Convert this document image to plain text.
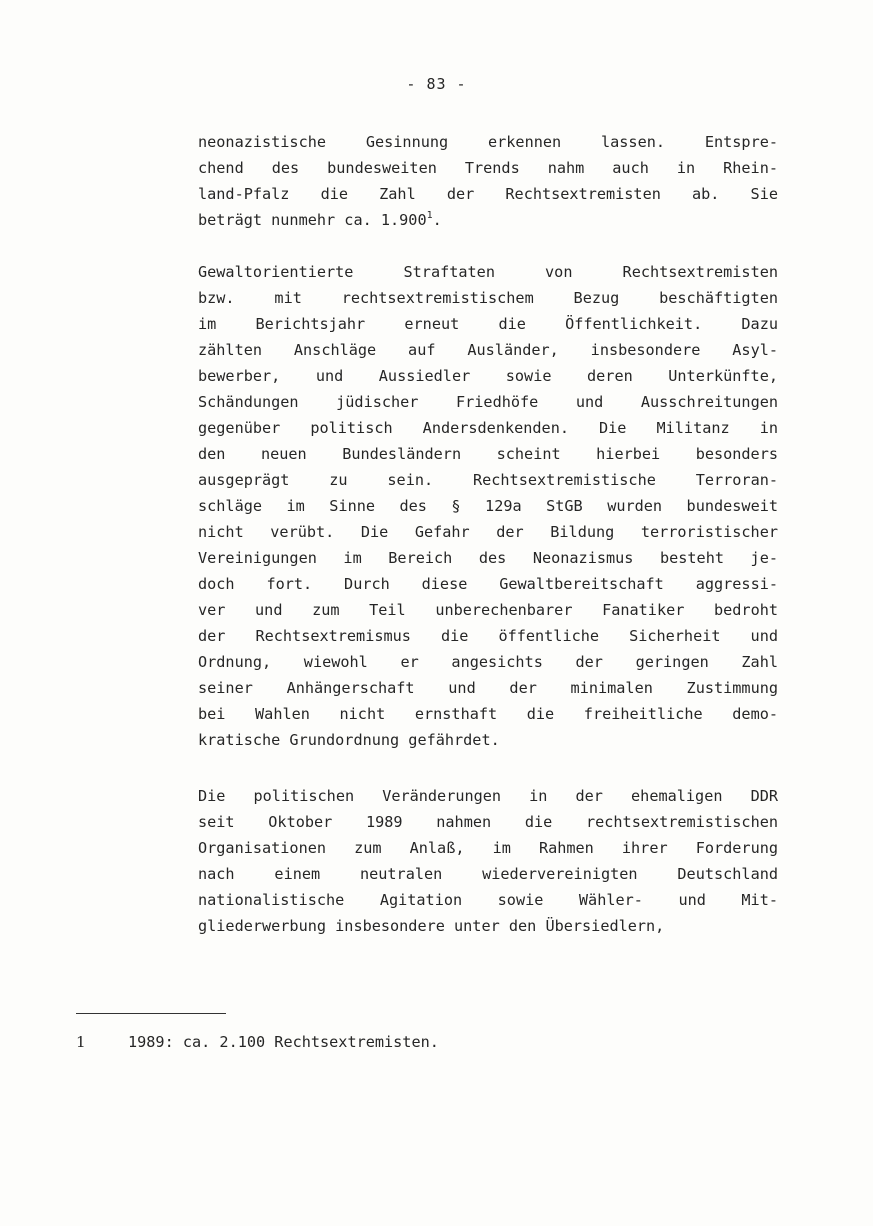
- 83 -

neonazistische Gesinnung erkennen lassen. Entspre-
chend des bundesweiten Trends nahm auch in Rhein-
land-Pfalz die Zahl der Rechtsextremisten ab. Sie
beträgt nunmehr ca. 1.900$^1$.

Gewaltorientierte Straftaten von Rechtsextremisten
bzw. mit rechtsextremistischem Bezug beschäftigten
im Berichtsjahr erneut die Öffentlichkeit. Dazu
zählten Anschläge auf Ausländer, insbesondere Asyl-
bewerber, und Aussiedler sowie deren Unterkünfte,
Schändungen jüdischer Friedhöfe und Ausschreitungen
gegenüber politisch Andersdenkenden. Die Militanz in
den neuen Bundesländern scheint hierbei besonders
ausgeprägt zu sein. Rechtsextremistische Terroran-
schläge im Sinne des § 129a StGB wurden bundesweit
nicht verübt. Die Gefahr der Bildung terroristischer
Vereinigungen im Bereich des Neonazismus besteht je-
doch fort. Durch diese Gewaltbereitschaft aggressi-
ver und zum Teil unberechenbarer Fanatiker bedroht
der Rechtsextremismus die öffentliche Sicherheit und
Ordnung, wiewohl er angesichts der geringen Zahl
seiner Anhängerschaft und der minimalen Zustimmung
bei Wahlen nicht ernsthaft die freiheitliche demo-
kratische Grundordnung gefährdet.

Die politischen Veränderungen in der ehemaligen DDR
seit Oktober 1989 nahmen die rechtsextremistischen
Organisationen zum Anlaß, im Rahmen ihrer Forderung
nach einem neutralen wiedervereinigten Deutschland
nationalistische Agitation sowie Wähler- und Mit-
gliederwerbung insbesondere unter den Übersiedlern,

1	1989: ca. 2.100 Rechtsextremisten.
